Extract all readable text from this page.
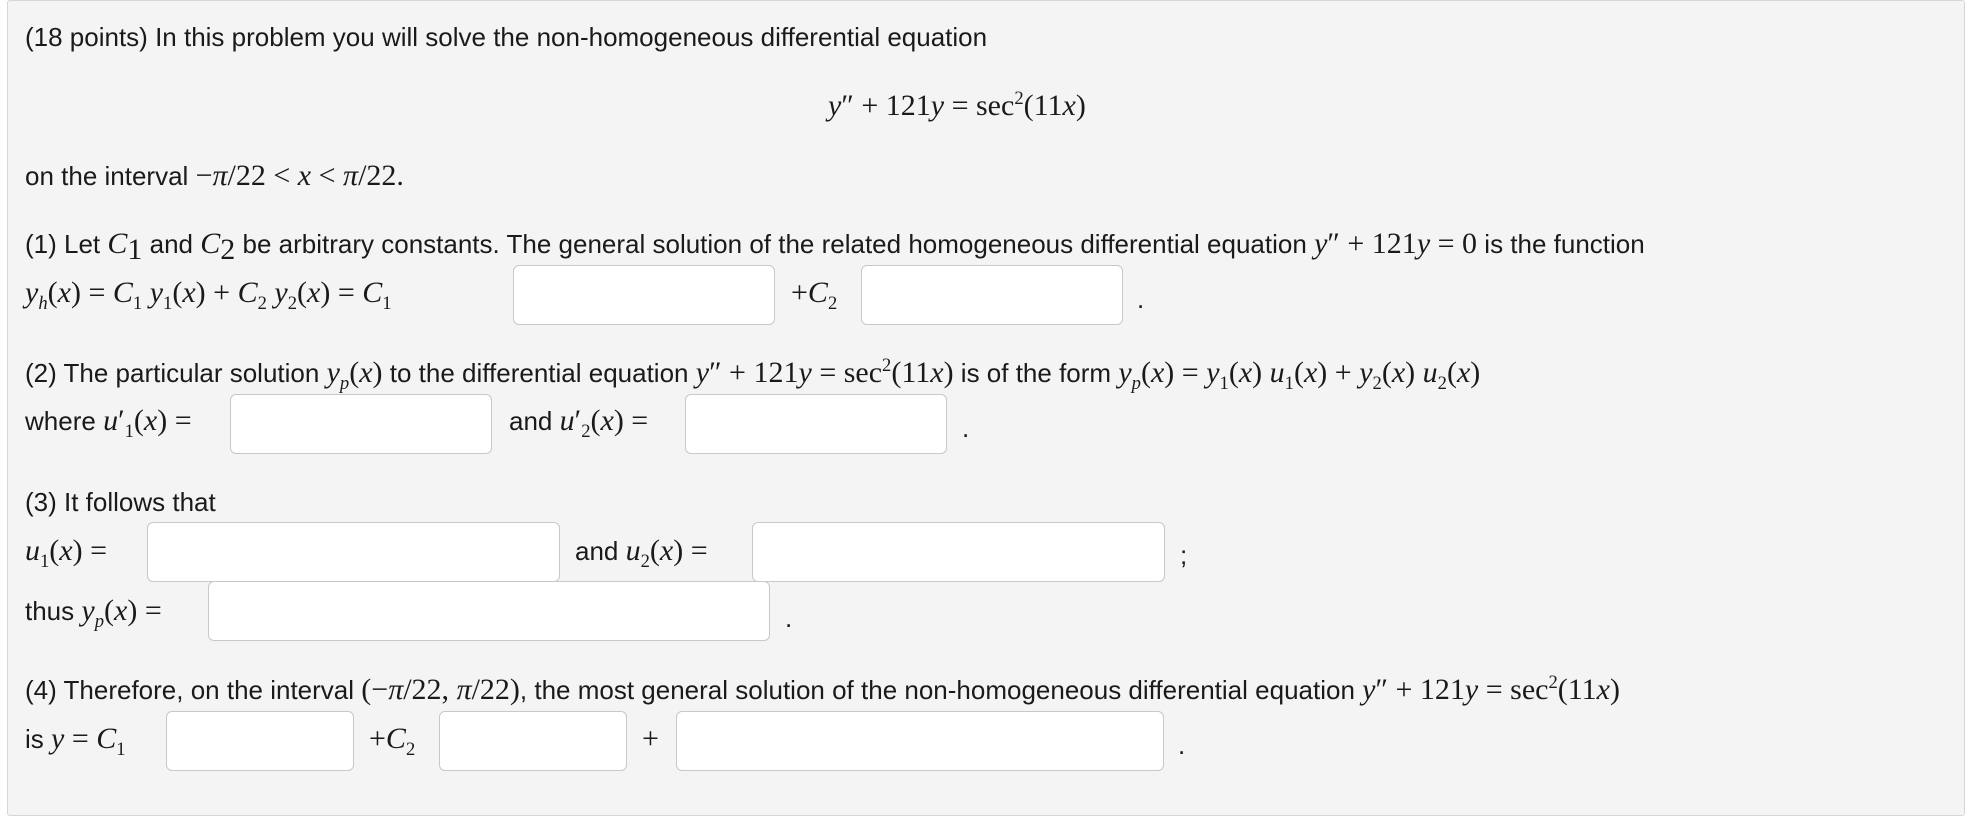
(18 points) In this problem you will solve the non-homogeneous differential equation
$y'' + 121y = \sec^2(11x)$
on the interval −π/22 < x < π/22.
(1) Let $C_1$ and $C_2$ be arbitrary constants. The general solution of the related homogeneous differential equation y″ + 121y = 0 is the function
$y_h(x) = C_1$ $y_1(x) + C_2$ $y_2(x) = C_1$	$+C_2$	.
(2) The particular solution $y_p(x)$ to the differential equation $y'' + 121y = \sec^2(11x)$ is of the form $y_p(x) = y_1(x) u_1(x) + y_2(x)$ $u_2(x)$
where $u'_1(x)$ =	and $u'_2(x)$ =	.
(3) It follows that
$u_1(x)$ =	and $u_2(x)$ =	;
thus $y_p(x)$ =	.
(4) Therefore, on the interval (−π/22, π/22), the most general solution of the non-homogeneous differential equation $y'' + 121y = \sec^2(11x)$
is $y = C_1$	$+C_2$	+	.
